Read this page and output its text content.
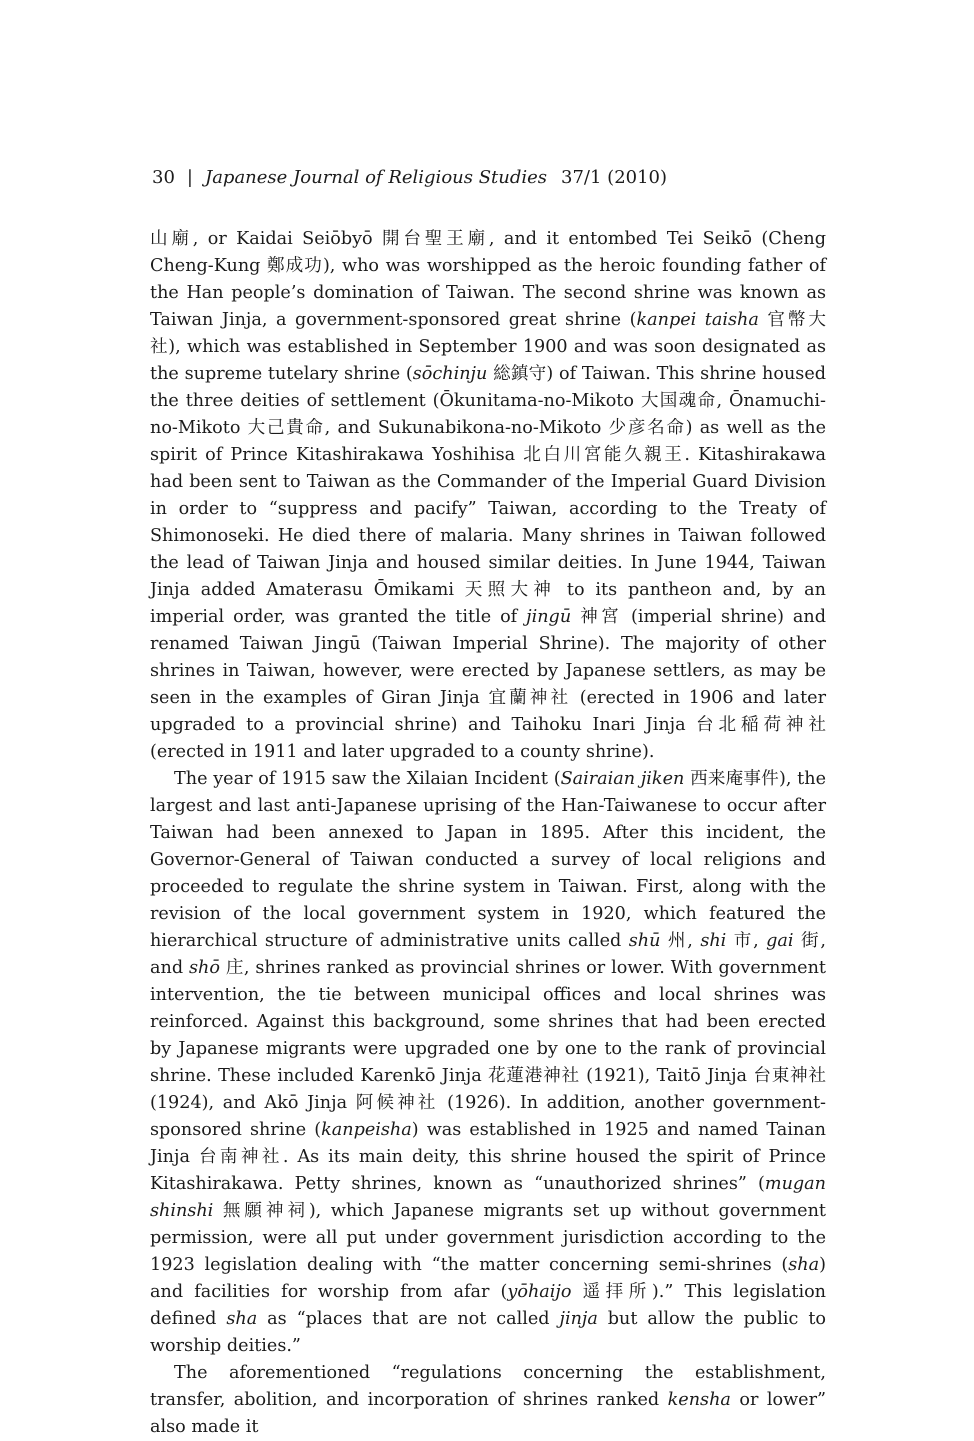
30 | Japanese Journal of Religious Studies 37/1 (2010)

山廟, or Kaidai Seiōbyō 開台聖王廟, and it entombed Tei Seikō (Cheng Cheng-Kung 鄭成功), who was worshipped as the heroic founding father of the Han people’s domination of Taiwan. The second shrine was known as Taiwan Jinja, a government-sponsored great shrine (kanpei taisha 官幣大社), which was established in September 1900 and was soon designated as the supreme tutelary shrine (sōchinju 総鎮守) of Taiwan. This shrine housed the three deities of settlement (Ōkunitama-no-Mikoto 大国魂命, Ōnamuchi-no-Mikoto 大己貴命, and Sukunabikona-no-Mikoto 少彦名命) as well as the spirit of Prince Kitashirakawa Yoshihisa 北白川宮能久親王. Kitashirakawa had been sent to Taiwan as the Commander of the Imperial Guard Division in order to “suppress and pacify” Taiwan, according to the Treaty of Shimonoseki. He died there of malaria. Many shrines in Taiwan followed the lead of Taiwan Jinja and housed similar deities. In June 1944, Taiwan Jinja added Amaterasu Ōmikami 天照大神 to its pantheon and, by an imperial order, was granted the title of jingū 神宮 (imperial shrine) and renamed Taiwan Jingū (Taiwan Imperial Shrine). The majority of other shrines in Taiwan, however, were erected by Japanese settlers, as may be seen in the examples of Giran Jinja 宜蘭神社 (erected in 1906 and later upgraded to a provincial shrine) and Taihoku Inari Jinja 台北稲荷神社 (erected in 1911 and later upgraded to a county shrine).

The year of 1915 saw the Xilaian Incident (Sairaian jiken 西来庵事件), the largest and last anti-Japanese uprising of the Han-Taiwanese to occur after Taiwan had been annexed to Japan in 1895. After this incident, the Governor-General of Taiwan conducted a survey of local religions and proceeded to regulate the shrine system in Taiwan. First, along with the revision of the local government system in 1920, which featured the hierarchical structure of administrative units called shū 州, shi 市, gai 街, and shō 庄, shrines ranked as provincial shrines or lower. With government intervention, the tie between municipal offices and local shrines was reinforced. Against this background, some shrines that had been erected by Japanese migrants were upgraded one by one to the rank of provincial shrine. These included Karenkō Jinja 花蓮港神社 (1921), Taitō Jinja 台東神社 (1924), and Akō Jinja 阿候神社 (1926). In addition, another government-sponsored shrine (kanpeisha) was established in 1925 and named Tainan Jinja 台南神社. As its main deity, this shrine housed the spirit of Prince Kitashirakawa. Petty shrines, known as “unauthorized shrines” (mugan shinshi 無願神祠), which Japanese migrants set up without government permission, were all put under government jurisdiction according to the 1923 legislation dealing with “the matter concerning semi-shrines (sha) and facilities for worship from afar (yōhaijo 遥拝所).” This legislation defined sha as “places that are not called jinja but allow the public to worship deities.”

The aforementioned “regulations concerning the establishment, transfer, abolition, and incorporation of shrines ranked kensha or lower” also made it
